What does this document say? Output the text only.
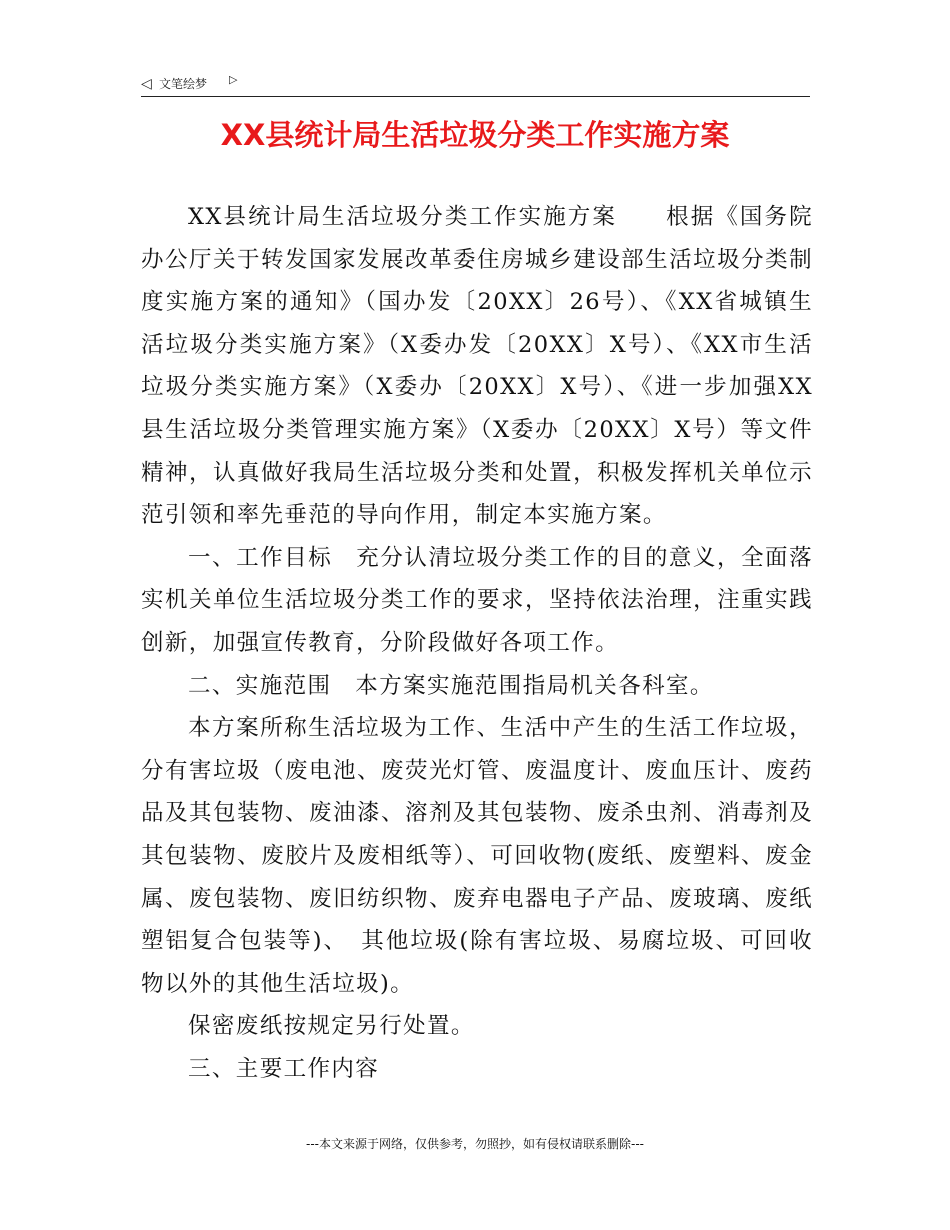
◁ 文笔绘梦 ▷
XX县统计局生活垃圾分类工作实施方案

XX县统计局生活垃圾分类工作实施方案　　根据《国务院办公厅关于转发国家发展改革委住房城乡建设部生活垃圾分类制度实施方案的通知》（国办发〔20XX〕26号）、《XX省城镇生活垃圾分类实施方案》（X委办发〔20XX〕X号）、《XX市生活垃圾分类实施方案》（X委办〔20XX〕X号）、《进一步加强XX县生活垃圾分类管理实施方案》（X委办〔20XX〕X号）等文件精神，认真做好我局生活垃圾分类和处置，积极发挥机关单位示范引领和率先垂范的导向作用，制定本实施方案。

一、工作目标　充分认清垃圾分类工作的目的意义，全面落实机关单位生活垃圾分类工作的要求，坚持依法治理，注重实践创新，加强宣传教育，分阶段做好各项工作。

二、实施范围　本方案实施范围指局机关各科室。

本方案所称生活垃圾为工作、生活中产生的生活工作垃圾，分有害垃圾（废电池、废荧光灯管、废温度计、废血压计、废药品及其包装物、废油漆、溶剂及其包装物、废杀虫剂、消毒剂及其包装物、废胶片及废相纸等）、可回收物(废纸、废塑料、废金属、废包装物、废旧纺织物、废弃电器电子产品、废玻璃、废纸塑铝复合包装等)、　其他垃圾(除有害垃圾、易腐垃圾、可回收物以外的其他生活垃圾)。

保密废纸按规定另行处置。

三、主要工作内容

---本文来源于网络，仅供参考，勿照抄，如有侵权请联系删除---
